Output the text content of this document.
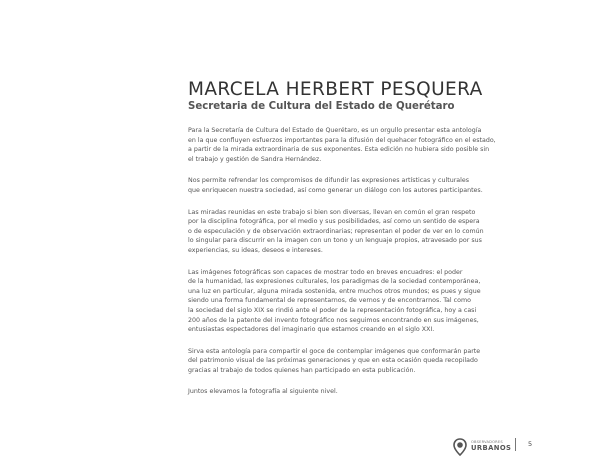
MARCELA HERBERT PESQUERA
Secretaria de Cultura del Estado de Querétaro

Para la Secretaría de Cultura del Estado de Querétaro, es un orgullo presentar esta antología
en la que confluyen esfuerzos importantes para la difusión del quehacer fotográfico en el estado,
a partir de la mirada extraordinaria de sus exponentes. Esta edición no hubiera sido posible sin
el trabajo y gestión de Sandra Hernández.

Nos permite refrendar los compromisos de difundir las expresiones artísticas y culturales
que enriquecen nuestra sociedad, así como generar un diálogo con los autores participantes.

Las miradas reunidas en este trabajo si bien son diversas, llevan en común el gran respeto
por la disciplina fotográfica, por el medio y sus posibilidades, así como un sentido de espera
o de especulación y de observación extraordinarias; representan el poder de ver en lo común
lo singular para discurrir en la imagen con un tono y un lenguaje propios, atravesado por sus
experiencias, su ideas, deseos e intereses.

Las imágenes fotográficas son capaces de mostrar todo en breves encuadres: el poder
de la humanidad, las expresiones culturales, los paradigmas de la sociedad contemporánea,
una luz en particular, alguna mirada sostenida, entre muchos otros mundos; es pues y sigue
siendo una forma fundamental de representarnos, de vernos y de encontrarnos. Tal como
la sociedad del siglo XIX se rindió ante el poder de la representación fotográfica, hoy a casi
200 años de la patente del invento fotográfico nos seguimos encontrando en sus imágenes,
entusiastas espectadores del imaginario que estamos creando en el siglo XXI.

Sirva esta antología para compartir el goce de contemplar imágenes que conformarán parte
del patrimonio visual de las próximas generaciones y que en esta ocasión queda recopilado
gracias al trabajo de todos quienes han participado en esta publicación.

Juntos elevamos la fotografía al siguiente nivel.

OBSERVADORES
URBANOS	5
